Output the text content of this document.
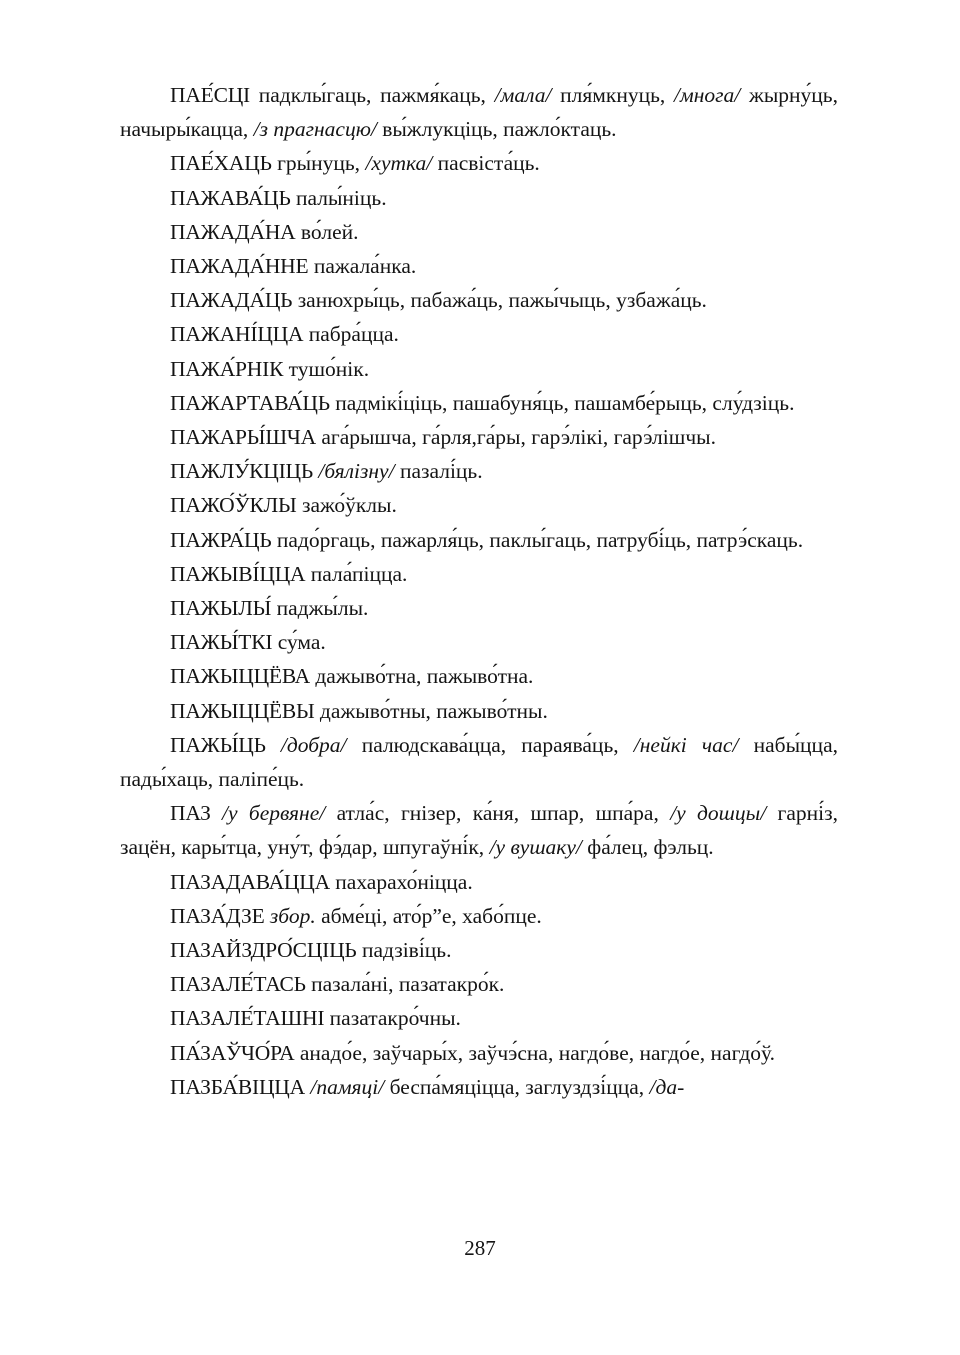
ПАЕ́СЦІ падклы́гаць, пажмя́каць, /мала/ пля́мкнуць, /многа/ жырну́ць, начыры́кацца, /з прагнасцю/ вы́жлукціць, пажло́ктаць.

ПАЕ́ХАЦЬ гры́нуць, /хутка/ пасвіста́ць.

ПАЖАВА́ЦЬ палы́ніць.

ПАЖАДА́НА во́лей.

ПАЖАДА́ННЕ пажала́нка.

ПАЖАДА́ЦЬ занюхры́ць, пабажа́ць, пажы́чыць, узбажа́ць.

ПАЖАНІ́ЦЦА пабра́цца.

ПАЖА́РНІК тушо́нік.

ПАЖАРТАВА́ЦЬ падмікі́ціць, пашабуня́ць, пашамбе́рыць, слу́дзіць.

ПАЖАРЫ́ШЧА ага́рышча, га́рля,га́ры, гарэ́лікі, гарэ́лішчы.

ПАЖЛУ́КЦІЦЬ /бялізну/ пазалі́ць.

ПАЖО́ЎКЛЫ зажо́ўклы.

ПАЖРА́ЦЬ падо́ргаць, пажарля́ць, паклы́гаць, патрубі́ць, патрэ́скаць.

ПАЖЫВІ́ЦЦА пала́піцца.

ПАЖЫЛЫ́ паджы́лы.

ПАЖЫ́ТКІ су́ма.

ПАЖЫЦЦЁВА дажыво́тна, пажыво́тна.

ПАЖЫЦЦЁВЫ дажыво́тны, пажыво́тны.

ПАЖЫ́ЦЬ /добра/ палюдскава́цца, параява́ць, /нейкі час/ набы́цца, пады́хаць, паліпе́ць.

ПАЗ /у бервяне/ атла́с, гнізер, ка́ня, шпар, шпа́ра, /у дошцы/ гарні́з, зацён, кары́тца, уну́т, фэ́дар, шпугаўні́к, /у вушаку/ фа́лец, фэльц.

ПАЗАДАВА́ЦЦА пахарахо́ніцца.

ПАЗА́ДЗЕ збор. абме́ці, ато́р”е, хабо́пце.

ПАЗАЙЗДРО́СЦІЦЬ падзіві́ць.

ПАЗАЛЕ́ТАСЬ пазала́ні, пазатакро́к.

ПАЗАЛЕ́ТАШНІ пазатакро́чны.

ПА́ЗАЎЧО́РА анадо́е, заўчары́х, заўчэ́сна, нагдо́ве, нагдо́е, нагдо́ў.

ПАЗБА́ВІЦЦА /памяці/ беспа́мяціцца, заглуздзі́цца, /да-

287
